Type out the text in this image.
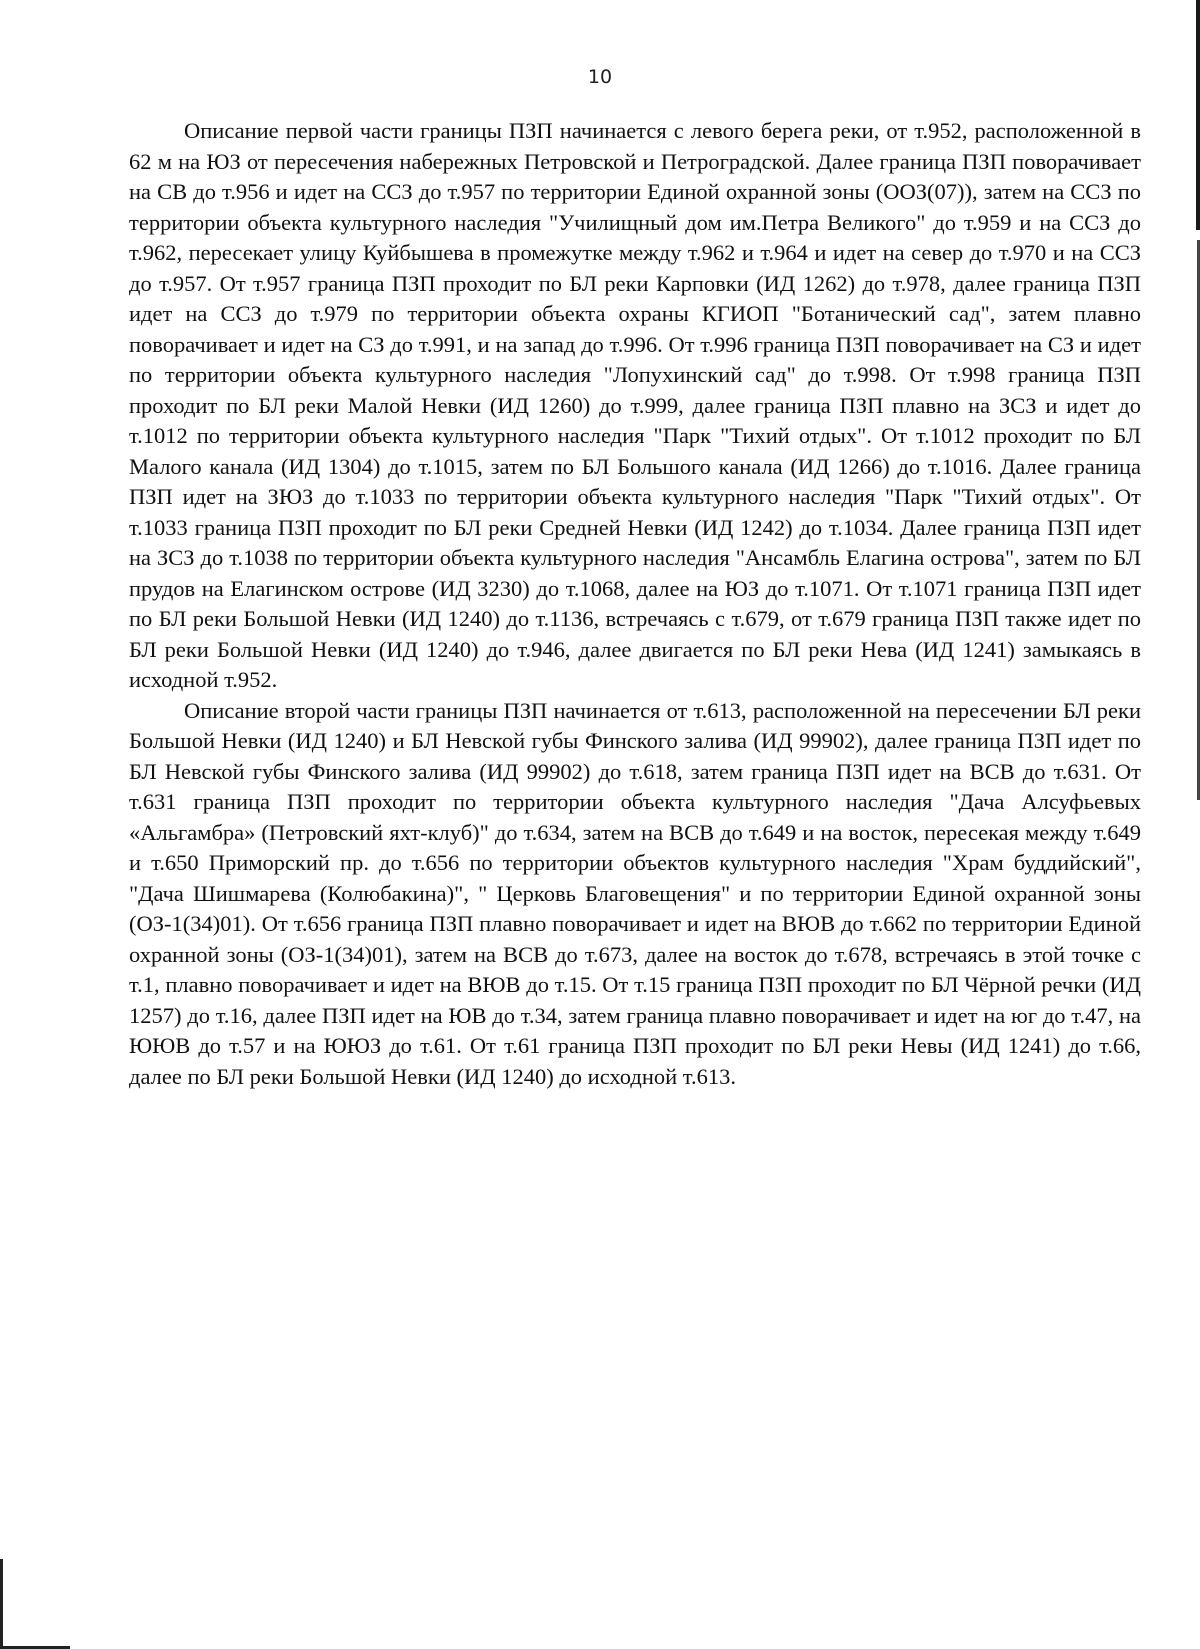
10

Описание первой части границы ПЗП начинается с левого берега реки, от т.952, расположенной в 62 м на ЮЗ от пересечения набережных Петровской и Петроградской. Далее граница ПЗП поворачивает на СВ до т.956 и идет на ССЗ до т.957 по территории Единой охранной зоны (ООЗ(07)), затем на ССЗ по территории объекта культурного наследия "Училищный дом им.Петра Великого" до т.959 и на ССЗ до т.962, пересекает улицу Куйбышева в промежутке между т.962 и т.964 и идет на север до т.970 и на ССЗ до т.957. От т.957 граница ПЗП проходит по БЛ реки Карповки (ИД 1262) до т.978, далее граница ПЗП идет на ССЗ до т.979 по территории объекта охраны КГИОП "Ботанический сад", затем плавно поворачивает и идет на СЗ до т.991, и на запад до т.996. От т.996 граница ПЗП поворачивает на СЗ и идет по территории объекта культурного наследия "Лопухинский сад" до т.998. От т.998 граница ПЗП проходит по БЛ реки Малой Невки (ИД 1260) до т.999, далее граница ПЗП плавно на ЗСЗ и идет до т.1012 по территории объекта культурного наследия "Парк "Тихий отдых". От т.1012 проходит по БЛ Малого канала (ИД 1304) до т.1015, затем по БЛ Большого канала (ИД 1266) до т.1016. Далее граница ПЗП идет на ЗЮЗ до т.1033 по территории объекта культурного наследия "Парк "Тихий отдых". От т.1033 граница ПЗП проходит по БЛ реки Средней Невки (ИД 1242) до т.1034. Далее граница ПЗП идет на ЗСЗ до т.1038 по территории объекта культурного наследия "Ансамбль Елагина острова", затем по БЛ прудов на Елагинском острове (ИД 3230) до т.1068, далее на ЮЗ до т.1071. От т.1071 граница ПЗП идет по БЛ реки Большой Невки (ИД 1240) до т.1136, встречаясь с т.679, от т.679 граница ПЗП также идет по БЛ реки Большой Невки (ИД 1240) до т.946, далее двигается по БЛ реки Нева (ИД 1241) замыкаясь в исходной т.952.

Описание второй части границы ПЗП начинается от т.613, расположенной на пересечении БЛ реки Большой Невки (ИД 1240) и БЛ Невской губы Финского залива (ИД 99902), далее граница ПЗП идет по БЛ Невской губы Финского залива (ИД 99902) до т.618, затем граница ПЗП идет на ВСВ до т.631. От т.631 граница ПЗП проходит по территории объекта культурного наследия "Дача Алсуфьевых «Альгамбра» (Петровский яхт-клуб)" до т.634, затем на ВСВ до т.649 и на восток, пересекая между т.649 и т.650 Приморский пр. до т.656 по территории объектов культурного наследия "Храм буддийский", "Дача Шишмарева (Колюбакина)", " Церковь Благовещения" и по территории Единой охранной зоны (ОЗ-1(34)01). От т.656 граница ПЗП плавно поворачивает и идет на ВЮВ до т.662 по территории Единой охранной зоны (ОЗ-1(34)01), затем на ВСВ до т.673, далее на восток до т.678, встречаясь в этой точке с т.1, плавно поворачивает и идет на ВЮВ до т.15. От т.15 граница ПЗП проходит по БЛ Чёрной речки (ИД 1257) до т.16, далее ПЗП идет на ЮВ до т.34, затем граница плавно поворачивает и идет на юг до т.47, на ЮЮВ до т.57 и на ЮЮЗ до т.61. От т.61 граница ПЗП проходит по БЛ реки Невы (ИД 1241) до т.66, далее по БЛ реки Большой Невки (ИД 1240) до исходной т.613.
